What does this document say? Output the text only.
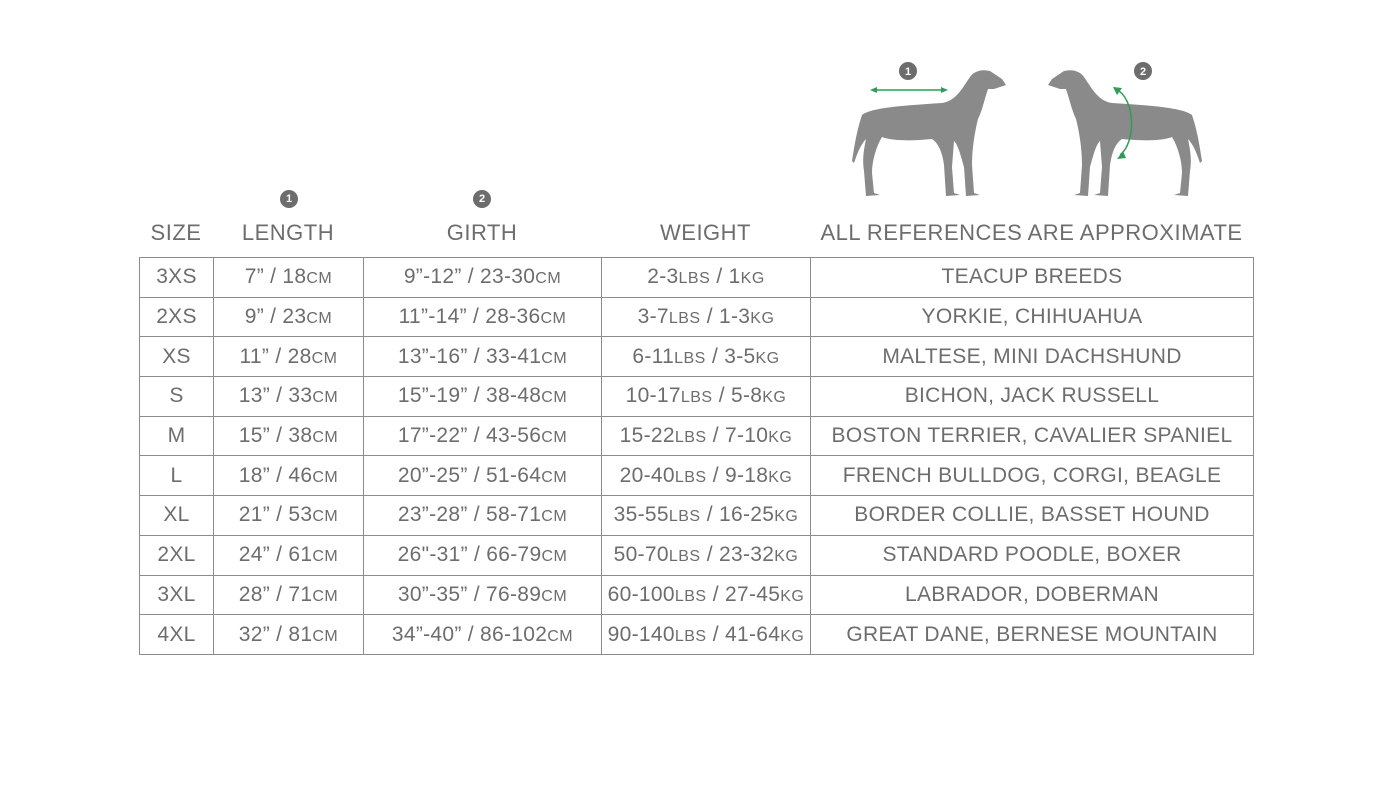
1	2
1	2
SIZE	LENGTH	GIRTH	WEIGHT	ALL REFERENCES ARE APPROXIMATE
3XS	7” / 18CM	9”-12” / 23-30CM	2-3LBS / 1KG	TEACUP BREEDS
2XS	9” / 23CM	11”-14” / 28-36CM	3-7LBS / 1-3KG	YORKIE, CHIHUAHUA
XS	11” / 28CM	13”-16” / 33-41CM	6-11LBS / 3-5KG	MALTESE, MINI DACHSHUND
S	13” / 33CM	15”-19” / 38-48CM	10-17LBS / 5-8KG	BICHON, JACK RUSSELL
M	15” / 38CM	17”-22” / 43-56CM	15-22LBS / 7-10KG	BOSTON TERRIER, CAVALIER SPANIEL
L	18” / 46CM	20”-25” / 51-64CM	20-40LBS / 9-18KG	FRENCH BULLDOG, CORGI, BEAGLE
XL	21” / 53CM	23”-28” / 58-71CM	35-55LBS / 16-25KG	BORDER COLLIE, BASSET HOUND
2XL	24” / 61CM	26"-31” / 66-79CM	50-70LBS / 23-32KG	STANDARD POODLE, BOXER
3XL	28” / 71CM	30”-35” / 76-89CM	60-100LBS / 27-45KG	LABRADOR, DOBERMAN
4XL	32” / 81CM	34”-40” / 86-102CM	90-140LBS / 41-64KG	GREAT DANE, BERNESE MOUNTAIN
